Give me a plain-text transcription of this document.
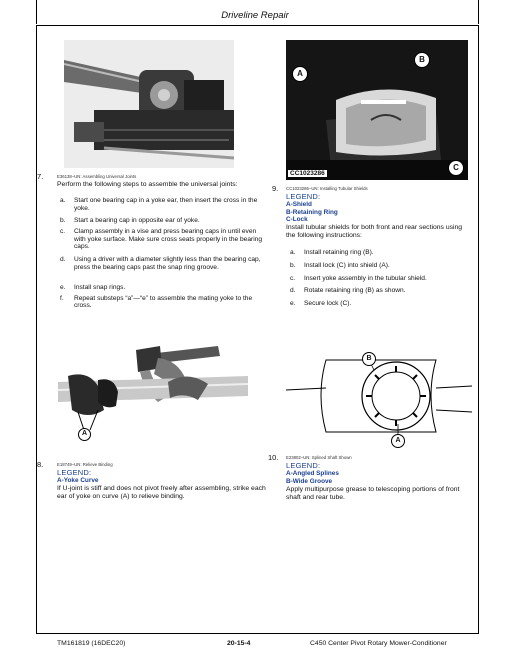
Driveline Repair
7.	E36138–UN: Assembling Universal Joints
Perform the following steps to assemble the universal joints:
a.	Start one bearing cap in a yoke ear, then insert the cross in the yoke.
b.	Start a bearing cap in opposite ear of yoke.
c.	Clamp assembly in a vise and press bearing caps in until even with yoke surface. Make sure cross seats properly in the bearing caps.
d.	Using a driver with a diameter slightly less than the bearing cap, press the bearing caps past the snap ring groove.
e.	Install snap rings.
f.	Repeat substeps “a”—“e” to assemble the mating yoke to the cross.
A
B
C
CC1023286
9. CC1023286–UN: Installing Tubular Shields
LEGEND:
A-Shield
B-Retaining Ring
C-Lock
Install tubular shields for both front and rear sections using the following instructions:
a.	Install retaining ring (B).
b.	Install lock (C) into shield (A).
c.	Insert yoke assembly in the tubular shield.
d.	Rotate retaining ring (B) as shown.
e.	Secure lock (C).
A
8.	E18749–UN: Relieve Binding
LEGEND:
A-Yoke Curve
If U-joint is stiff and does not pivot freely after assembling, strike each ear of yoke on curve (A) to relieve binding.
B
A
10. E23802–UN: Splined Shaft Shown
LEGEND:
A-Angled Splines
B-Wide Groove
Apply multipurpose grease to telescoping portions of front shaft and rear tube.
TM161819 (16DEC20)	20-15-4	C450 Center Pivot Rotary Mower-Conditioner
